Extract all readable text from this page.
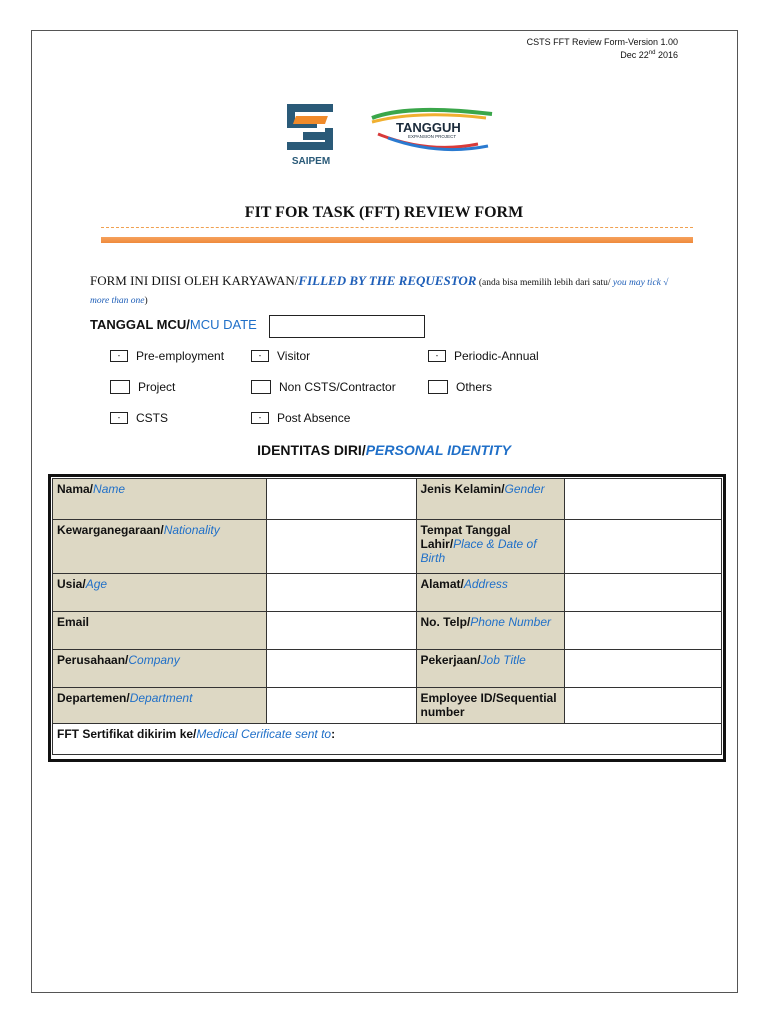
CSTS FFT Review Form-Version 1.00
Dec 22nd 2016
SAIPEM
TANGGUH
EXPANSION PROJECT
FIT FOR TASK (FFT) REVIEW FORM
FORM INI DIISI OLEH KARYAWAN/FILLED BY THE REQUESTOR (anda bisa memilih lebih dari satu/ you may tick √ more than one)
TANGGAL MCU/MCU DATE
-	Pre-employment	-	Visitor	-	Periodic-Annual
Project	Non CSTS/Contractor	Others
-	CSTS	-	Post Absence
IDENTITAS DIRI/PERSONAL IDENTITY
Nama/Name		Jenis Kelamin/Gender	
Kewarganegaraan/Nationality		Tempat Tanggal Lahir/Place & Date of Birth	
Usia/Age		Alamat/Address	
Email		No. Telp/Phone Number	
Perusahaan/Company		Pekerjaan/Job Title	
Departemen/Department		Employee ID/Sequential number	
FFT Sertifikat dikirim ke/Medical Cerificate sent to:			
